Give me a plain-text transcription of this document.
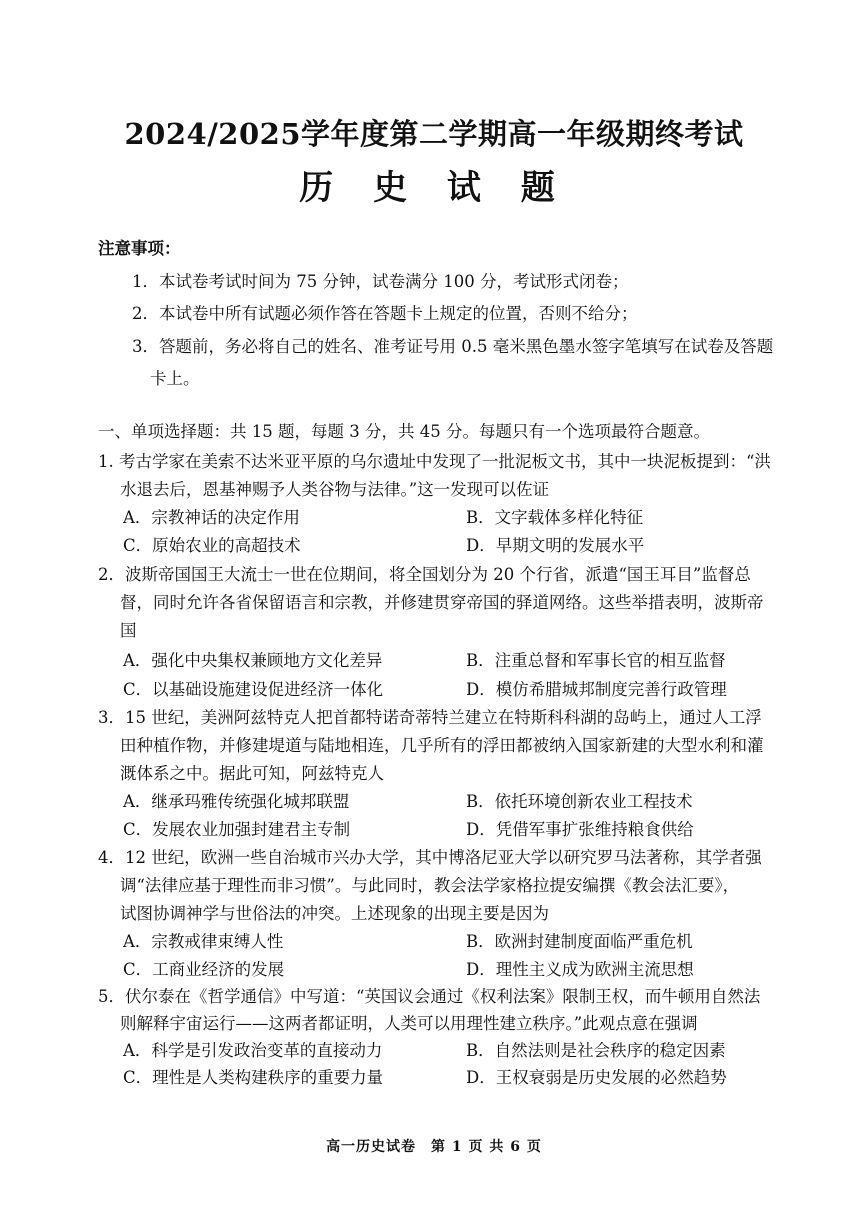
2024/2025学年度第二学期高一年级期终考试
历 史 试 题
注意事项：
1．本试卷考试时间为 75 分钟，试卷满分 100 分，考试形式闭卷；
2．本试卷中所有试题必须作答在答题卡上规定的位置，否则不给分；
3．答题前，务必将自己的姓名、准考证号用 0.5 毫米黑色墨水签字笔填写在试卷及答题
卡上。
一、单项选择题：共 15 题，每题 3 分，共 45 分。每题只有一个选项最符合题意。
1. 考古学家在美索不达米亚平原的乌尔遗址中发现了一批泥板文书，其中一块泥板提到：“洪
水退去后，恩基神赐予人类谷物与法律。”这一发现可以佐证
A．宗教神话的决定作用	B．文字载体多样化特征
C．原始农业的高超技术	D．早期文明的发展水平
2．波斯帝国国王大流士一世在位期间，将全国划分为 20 个行省，派遣“国王耳目”监督总
督，同时允许各省保留语言和宗教，并修建贯穿帝国的驿道网络。这些举措表明，波斯帝
国
A．强化中央集权兼顾地方文化差异	B．注重总督和军事长官的相互监督
C．以基础设施建设促进经济一体化	D．模仿希腊城邦制度完善行政管理
3．15 世纪，美洲阿兹特克人把首都特诺奇蒂特兰建立在特斯科科湖的岛屿上，通过人工浮
田种植作物，并修建堤道与陆地相连，几乎所有的浮田都被纳入国家新建的大型水利和灌
溉体系之中。据此可知，阿兹特克人
A．继承玛雅传统强化城邦联盟	B．依托环境创新农业工程技术
C．发展农业加强封建君主专制	D．凭借军事扩张维持粮食供给
4．12 世纪，欧洲一些自治城市兴办大学，其中博洛尼亚大学以研究罗马法著称，其学者强
调“法律应基于理性而非习惯”。与此同时，教会法学家格拉提安编撰《教会法汇要》，
试图协调神学与世俗法的冲突。上述现象的出现主要是因为
A．宗教戒律束缚人性	B．欧洲封建制度面临严重危机
C．工商业经济的发展	D．理性主义成为欧洲主流思想
5．伏尔泰在《哲学通信》中写道：“英国议会通过《权利法案》限制王权，而牛顿用自然法
则解释宇宙运行——这两者都证明，人类可以用理性建立秩序。”此观点意在强调
A．科学是引发政治变革的直接动力	B．自然法则是社会秩序的稳定因素
C．理性是人类构建秩序的重要力量	D．王权衰弱是历史发展的必然趋势
高一历史试卷　第 1 页 共 6 页
